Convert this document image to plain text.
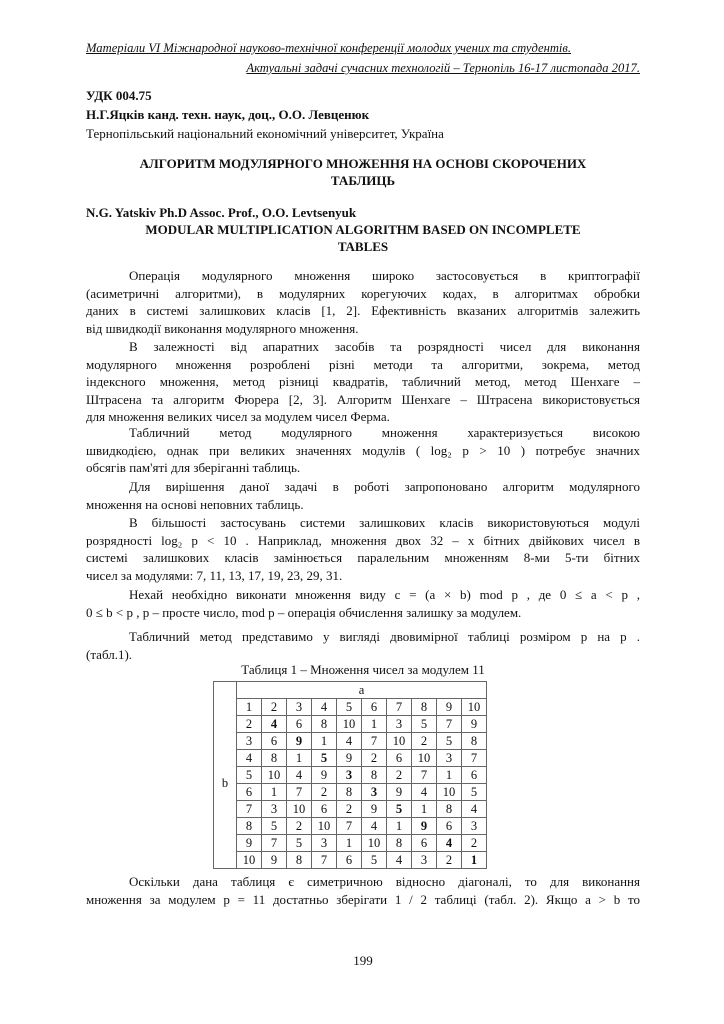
Матеріали VI Міжнародної науково-технічної конференції молодих учених та студентів.
Актуальні задачі сучасних технологій – Тернопіль 16-17 листопада 2017.
УДК 004.75
Н.Г.Яцків канд. техн. наук, доц., О.О. Левценюк
Тернопільський національний економічний університет, Україна
АЛГОРИТМ МОДУЛЯРНОГО МНОЖЕННЯ НА ОСНОВІ СКОРОЧЕНИХ
ТАБЛИЦЬ
N.G. Yatskiv Ph.D Assoc. Prof., O.O. Levtsenyuk
MODULAR MULTIPLICATION ALGORITHM BASED ON INCOMPLETE
TABLES
Операція модулярного множення широко застосовується в криптографії
(асиметричні алгоритми), в модулярних корегуючих кодах, в алгоритмах обробки
даних в системі залишкових класів [1, 2]. Ефективність вказаних алгоритмів залежить
від швидкодії виконання модулярного множення.
В залежності від апаратних засобів та розрядності чисел для виконання
модулярного множення розроблені різні методи та алгоритми, зокрема, метод
індексного множення, метод різниці квадратів, табличний метод, метод Шенхаге –
Штрасена та алгоритм Фюрера [2, 3]. Алгоритм Шенхаге – Штрасена використовується
для множення великих чисел за модулем чисел Ферма.
Табличний метод модулярного множення характеризується високою
швидкодією, однак при великих значеннях модулів ( log₂ p > 10 ) потребує значних
обсягів пам'яті для зберіганні таблиць.
Для вирішення даної задачі в роботі запропоновано алгоритм модулярного
множення на основі неповних таблиць.
В більшості застосувань системи залишкових класів використовуються модулі
розрядності log₂ p < 10 . Наприклад, множення двох 32 – х бітних двійкових чисел в
системі залишкових класів замінюється паралельним множенням 8-ми 5-ти бітних
чисел за модулями: 7, 11, 13, 17, 19, 23, 29, 31.
Нехай необхідно виконати множення виду c = (a × b) mod p , де 0 ≤ a < p ,
0 ≤ b < p , p – просте число, mod p – операція обчислення залишку за модулем.
Табличний метод представимо у вигляді двовимірної таблиці розміром p на p .
(табл.1).
Таблиця 1 – Множення чисел за модулем 11
	a									
b	1	2	3	4	5	6	7	8	9	10
	2	4	6	8	10	1	3	5	7	9
	3	6	9	1	4	7	10	2	5	8
	4	8	1	5	9	2	6	10	3	7
	5	10	4	9	3	8	2	7	1	6
	6	1	7	2	8	3	9	4	10	5
	7	3	10	6	2	9	5	1	8	4
	8	5	2	10	7	4	1	9	6	3
	9	7	5	3	1	10	8	6	4	2
	10	9	8	7	6	5	4	3	2	1
Оскільки дана таблиця є симетричною відносно діагоналі, то для виконання
множення за модулем p = 11 достатньо зберігати 1 / 2 таблиці (табл. 2). Якщо a > b то
199
